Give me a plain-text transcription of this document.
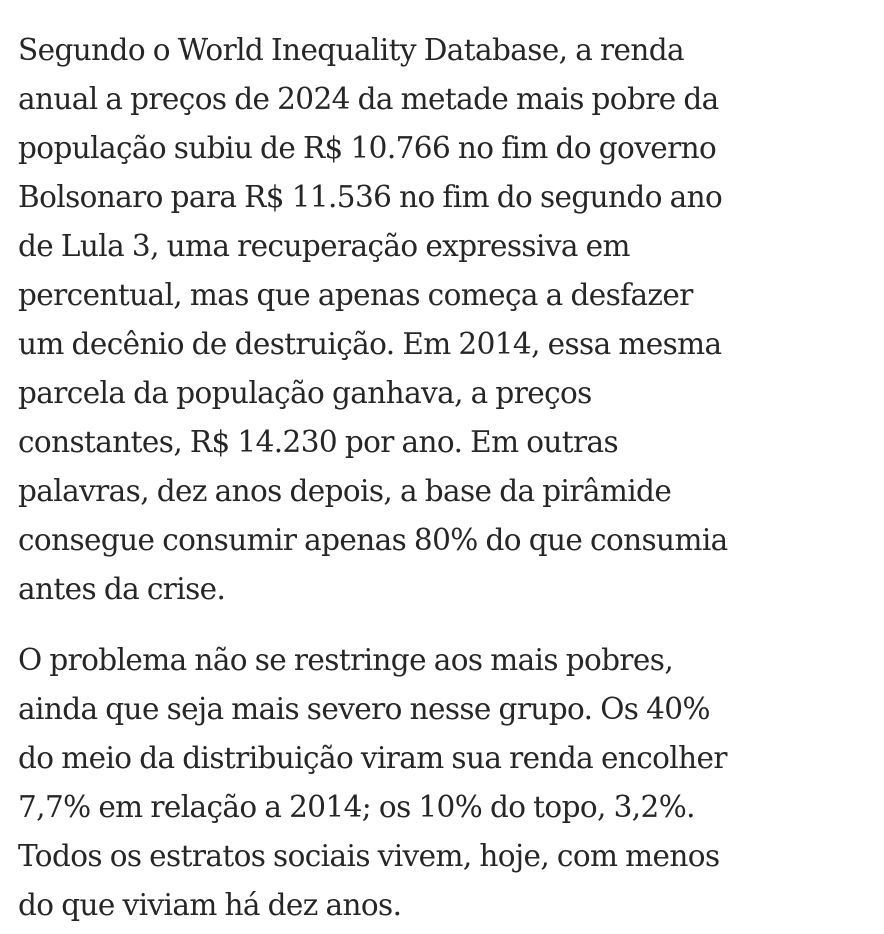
Segundo o World Inequality Database, a renda
anual a preços de 2024 da metade mais pobre da
população subiu de R$ 10.766 no fim do governo
Bolsonaro para R$ 11.536 no fim do segundo ano
de Lula 3, uma recuperação expressiva em
percentual, mas que apenas começa a desfazer
um decênio de destruição. Em 2014, essa mesma
parcela da população ganhava, a preços
constantes, R$ 14.230 por ano. Em outras
palavras, dez anos depois, a base da pirâmide
consegue consumir apenas 80% do que consumia
antes da crise.
O problema não se restringe aos mais pobres,
ainda que seja mais severo nesse grupo. Os 40%
do meio da distribuição viram sua renda encolher
7,7% em relação a 2014; os 10% do topo, 3,2%.
Todos os estratos sociais vivem, hoje, com menos
do que viviam há dez anos.
